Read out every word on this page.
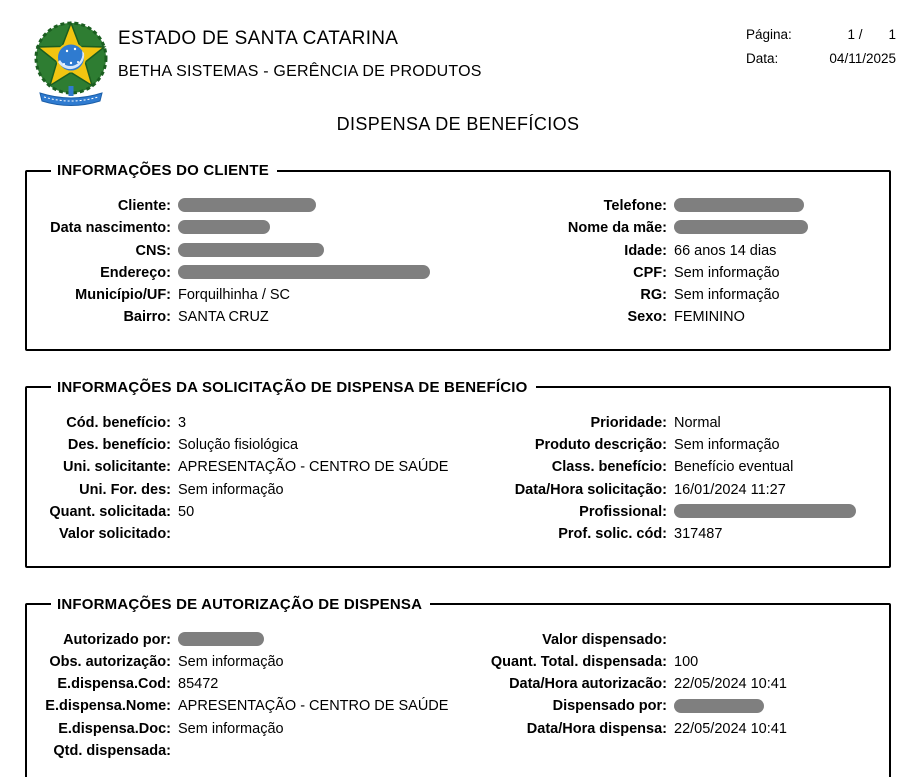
ESTADO DE SANTA CATARINA
BETHA SISTEMAS - GERÊNCIA DE PRODUTOS
Página:	1 / 1
Data:	04/11/2025
DISPENSA DE BENEFÍCIOS
INFORMAÇÕES DO CLIENTE
Cliente:
Data nascimento:
CNS:
Endereço:
Município/UF: Forquilhinha / SC
Bairro: SANTA CRUZ
Telefone:
Nome da mãe:
Idade: 66 anos 14 dias
CPF: Sem informação
RG: Sem informação
Sexo: FEMININO
INFORMAÇÕES DA SOLICITAÇÃO DE DISPENSA DE BENEFÍCIO
Cód. benefício: 3
Des. benefício: Solução fisiológica
Uni. solicitante: APRESENTAÇÃO - CENTRO DE SAÚDE
Uni. For. des: Sem informação
Quant. solicitada: 50
Valor solicitado:
Prioridade: Normal
Produto descrição: Sem informação
Class. benefício: Benefício eventual
Data/Hora solicitação: 16/01/2024 11:27
Profissional:
Prof. solic. cód: 317487
INFORMAÇÕES DE AUTORIZAÇÃO DE DISPENSA
Autorizado por:
Obs. autorização: Sem informação
E.dispensa.Cod: 85472
E.dispensa.Nome: APRESENTAÇÃO - CENTRO DE SAÚDE
E.dispensa.Doc: Sem informação
Qtd. dispensada:
Valor dispensado:
Quant. Total. dispensada: 100
Data/Hora autorizacão: 22/05/2024 10:41
Dispensado por:
Data/Hora dispensa: 22/05/2024 10:41
